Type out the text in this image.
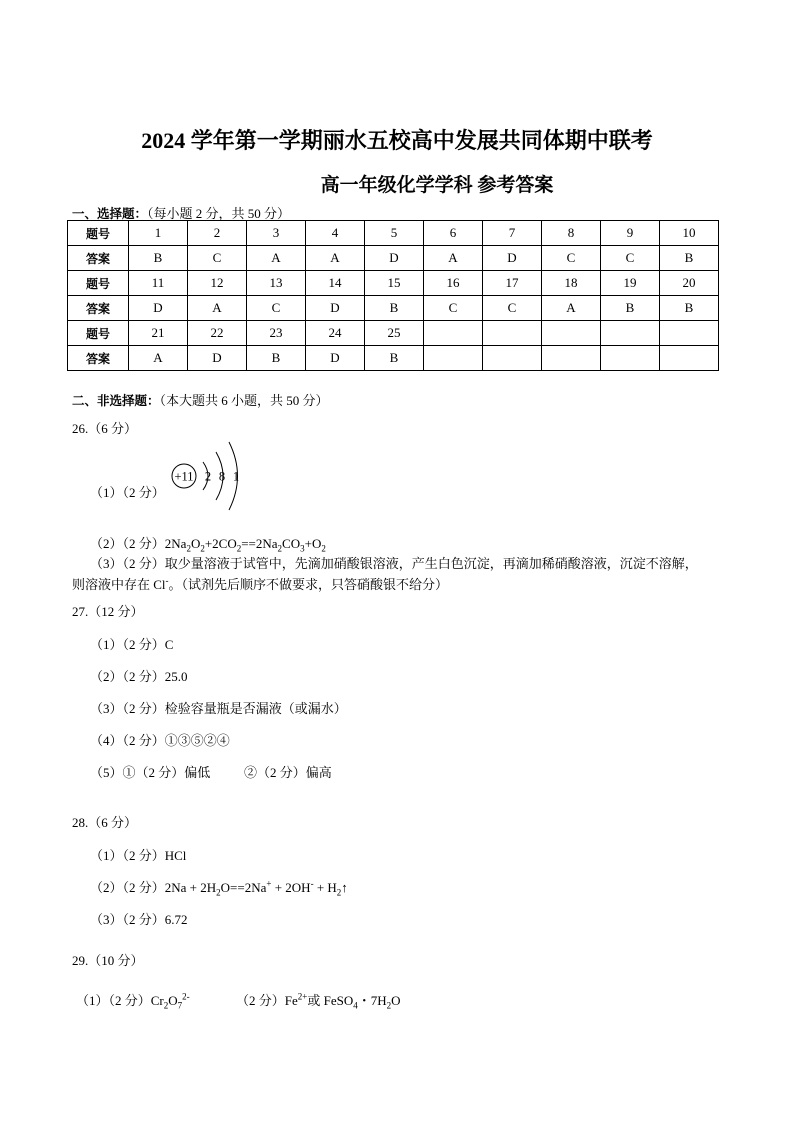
2024 学年第一学期丽水五校高中发展共同体期中联考
高一年级化学学科 参考答案
一、选择题：（每小题 2 分，共 50 分）
题号	1	2	3	4	5	6	7	8	9	10
答案	B	C	A	A	D	A	D	C	C	B
题号	11	12	13	14	15	16	17	18	19	20
答案	D	A	C	D	B	C	C	A	B	B
题号	21	22	23	24	25					
答案	A	D	B	D	B					
二、非选择题：（本大题共 6 小题，共 50 分）
26.（6 分）
+11 2 8 1
（1）（2 分）
（2）（2 分）$2Na_2O_2+2CO_2==2Na_2CO_3+O_2$
（3）（2 分）取少量溶液于试管中，先滴加硝酸银溶液，产生白色沉淀，再滴加稀硝酸溶液，沉淀不溶解，
则溶液中存在 Cl-。（试剂先后顺序不做要求，只答硝酸银不给分）
27.（12 分）
（1）（2 分）C
（2）（2 分）25.0
（3）（2 分）检验容量瓶是否漏液（或漏水）
（4）（2 分）①③⑤②④
（5）①（2 分）偏低	②（2 分）偏高
28.（6 分）
（1）（2 分）HCl
（2）（2 分）$2Na + 2H_2O==2Na^+ + 2OH^-$ + $H_2↑$
（3）（2 分）6.72
29.（10 分）
（1）（2 分）$Cr_2O_7^{2-}$	（2 分）$Fe^{2+}$或 FeSO$_4$・$7H_2O$
